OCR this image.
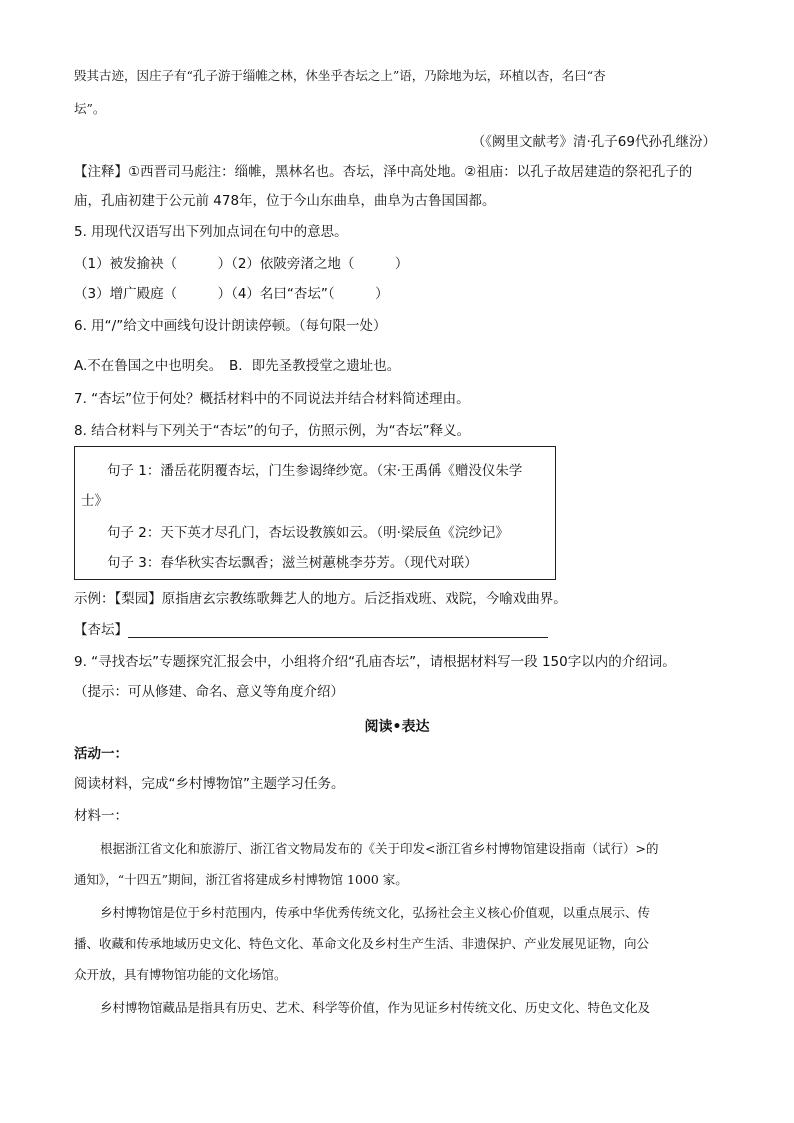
毁其古迹，因庄子有“孔子游于缁帷之林，休坐乎杏坛之上”语，乃除地为坛，环植以杏，名曰“杏
坛”。
（《阙里文献考》清·孔子69代孙孔继汾）
【注释】①西晋司马彪注：缁帷，黑林名也。杏坛，泽中高处地。②祖庙：以孔子故居建造的祭祀孔子的
庙，孔庙初建于公元前 478年，位于今山东曲阜，曲阜为古鲁国国都。
5. 用现代汉语写出下列加点词在句中的意思。
（1）被发揄袂（　　　）（2）依陂旁渚之地（　　　）
（3）增广殿庭（　　　）（4）名曰“杏坛”（　　　）
6. 用“/”给文中画线句设计朗读停顿。（每句限一处）
A.不在鲁国之中也明矣。　B．即先圣教授堂之遗址也。
7. “杏坛”位于何处？概括材料中的不同说法并结合材料简述理由。
8. 结合材料与下列关于“杏坛”的句子，仿照示例，为“杏坛”释义。
句子 1：潘岳花阴覆杏坛，门生参谒绛纱宽。（宋·王禹偁《赠没仪朱学
士》
句子 2：天下英才尽孔门，杏坛设教簇如云。（明·梁辰鱼《浣纱记》
句子 3：春华秋实杏坛飘香；滋兰树蕙桃李芬芳。（现代对联）
示例：【梨园】原指唐玄宗教练歌舞艺人的地方。后泛指戏班、戏院，今喻戏曲界。
【杏坛】
9. “寻找杏坛”专题探究汇报会中，小组将介绍“孔庙杏坛”，请根据材料写一段 150字以内的介绍词。
（提示：可从修建、命名、意义等角度介绍）
阅读•表达
活动一：
阅读材料，完成“乡村博物馆”主题学习任务。
材料一：
根据浙江省文化和旅游厅、浙江省文物局发布的《关于印发<浙江省乡村博物馆建设指南（试行）>的
通知》，“十四五”期间，浙江省将建成乡村博物馆 1000 家。
乡村博物馆是位于乡村范围内，传承中华优秀传统文化，弘扬社会主义核心价值观，以重点展示、传
播、收藏和传承地域历史文化、特色文化、革命文化及乡村生产生活、非遗保护、产业发展见证物，向公
众开放，具有博物馆功能的文化场馆。
乡村博物馆藏品是指具有历史、艺术、科学等价值，作为见证乡村传统文化、历史文化、特色文化及
